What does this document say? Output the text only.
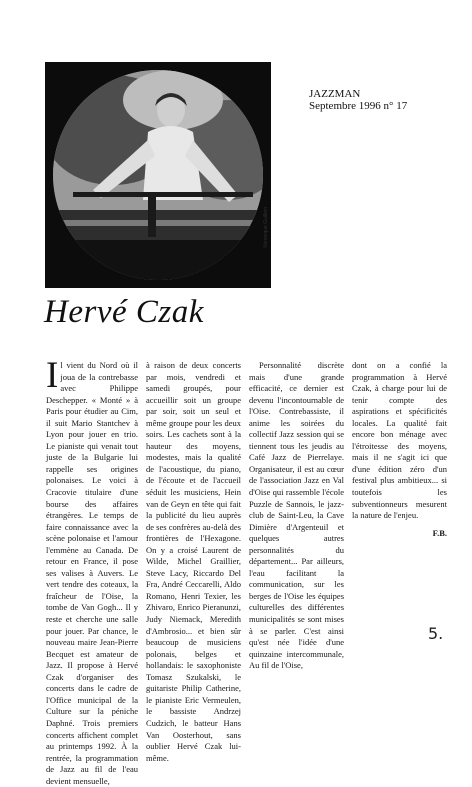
Véronique Guillien
JAZZMAN
Septembre 1996 n° 17
Hervé Czak

Il vient du Nord où il joua de la contrebasse avec Philippe Deschepper. « Monté » à Paris pour étudier au Cim, il suit Mario Stantchev à Lyon pour jouer en trio. Le pianiste qui venait tout juste de la Bulgarie lui rappelle ses origines polonaises. Le voici à Cracovie titulaire d'une bourse des affaires étrangères. Le temps de faire connaissance avec la scène polonaise et l'amour l'emmène au Canada. De retour en France, il pose ses valises à Auvers. Le vert tendre des coteaux, la fraîcheur de l'Oise, la tombe de Van Gogh... Il y reste et cherche une salle pour jouer. Par chance, le nouveau maire Jean-Pierre Becquet est amateur de Jazz. Il propose à Hervé Czak d'organiser des concerts dans le cadre de l'Office municipal de la Culture sur la péniche Daphné. Trois premiers concerts affichent complet au printemps 1992. À la rentrée, la programmation de Jazz au fil de l'eau devient mensuelle,

à raison de deux concerts par mois, vendredi et samedi groupés, pour accueillir soit un groupe par soir, soit un seul et même groupe pour les deux soirs. Les cachets sont à la hauteur des moyens, modestes, mais la qualité de l'acoustique, du piano, de l'écoute et de l'accueil séduit les musiciens, Hein van de Geyn en tête qui fait la publicité du lieu auprès de ses confrères au-delà des frontières de l'Hexagone. On y a croisé Laurent de Wilde, Michel Graillier, Steve Lacy, Riccardo Del Fra, André Ceccarelli, Aldo Romano, Henri Texier, les Zhivaro, Enrico Pieranunzi, Judy Niemack, Meredith d'Ambrosio... et bien sûr beaucoup de musiciens polonais, belges et hollandais: le saxophoniste Tomasz Szukalski, le guitariste Philip Catherine, le pianiste Eric Vermeulen, le bassiste Andrzej Cudzich, le batteur Hans Van Oosterhout, sans oublier Hervé Czak lui-même.

Personnalité discrète mais d'une grande efficacité, ce dernier est devenu l'incontournable de l'Oise. Contrebassiste, il anime les soirées du collectif Jazz session qui se tiennent tous les jeudis au Café Jazz de Pierrelaye. Organisateur, il est au cœur de l'association Jazz en Val d'Oise qui rassemble l'école Puzzle de Sannois, le jazz-club de Saint-Leu, la Cave Dimière d'Argenteuil et quelques autres personnalités du département... Par ailleurs, l'eau facilitant la communication, sur les berges de l'Oise les équipes culturelles des différentes municipalités se sont mises à se parler. C'est ainsi qu'est née l'idée d'une quinzaine intercommunale, Au fil de l'Oise,

dont on a confié la programmation à Hervé Czak, à charge pour lui de tenir compte des aspirations et spécificités locales. La qualité fait encore bon ménage avec l'étroitesse des moyens, mais il ne s'agit ici que d'une édition zéro d'un festival plus ambitieux... si toutefois les subventionneurs mesurent la nature de l'enjeu.

F.B.
5.
